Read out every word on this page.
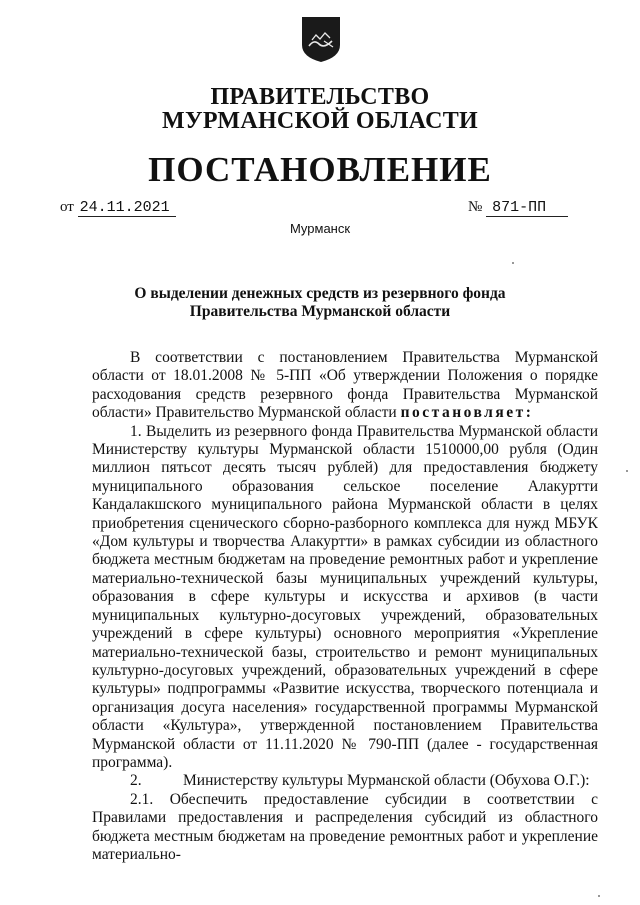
ПРАВИТЕЛЬСТВО
МУРМАНСКОЙ ОБЛАСТИ
ПОСТАНОВЛЕНИЕ
от 24.11.2021	№ 871-ПП
Мурманск
О выделении денежных средств из резервного фонда
Правительства Мурманской области

В соответствии с постановлением Правительства Мурманской области от 18.01.2008 № 5-ПП «Об утверждении Положения о порядке расходования средств резервного фонда Правительства Мурманской области» Правительство Мурманской области постановляет:

1. Выделить из резервного фонда Правительства Мурманской области Министерству культуры Мурманской области 1510000,00 рубля (Один миллион пятьсот десять тысяч рублей) для предоставления бюджету муниципального образования сельское поселение Алакуртти Кандалакшского муниципального района Мурманской области в целях приобретения сценического сборно-разборного комплекса для нужд МБУК «Дом культуры и творчества Алакуртти» в рамках субсидии из областного бюджета местным бюджетам на проведение ремонтных работ и укрепление материально-технической базы муниципальных учреждений культуры, образования в сфере культуры и искусства и архивов (в части муниципальных культурно-досуговых учреждений, образовательных учреждений в сфере культуры) основного мероприятия «Укрепление материально-технической базы, строительство и ремонт муниципальных культурно-досуговых учреждений, образовательных учреждений в сфере культуры» подпрограммы «Развитие искусства, творческого потенциала и организация досуга населения» государственной программы Мурманской области «Культура», утвержденной постановлением Правительства Мурманской области от 11.11.2020 № 790-ПП (далее - государственная программа).

2.	Министерству культуры Мурманской области (Обухова О.Г.):

2.1. Обеспечить предоставление субсидии в соответствии с Правилами предоставления и распределения субсидий из областного бюджета местным бюджетам на проведение ремонтных работ и укрепление материально-
